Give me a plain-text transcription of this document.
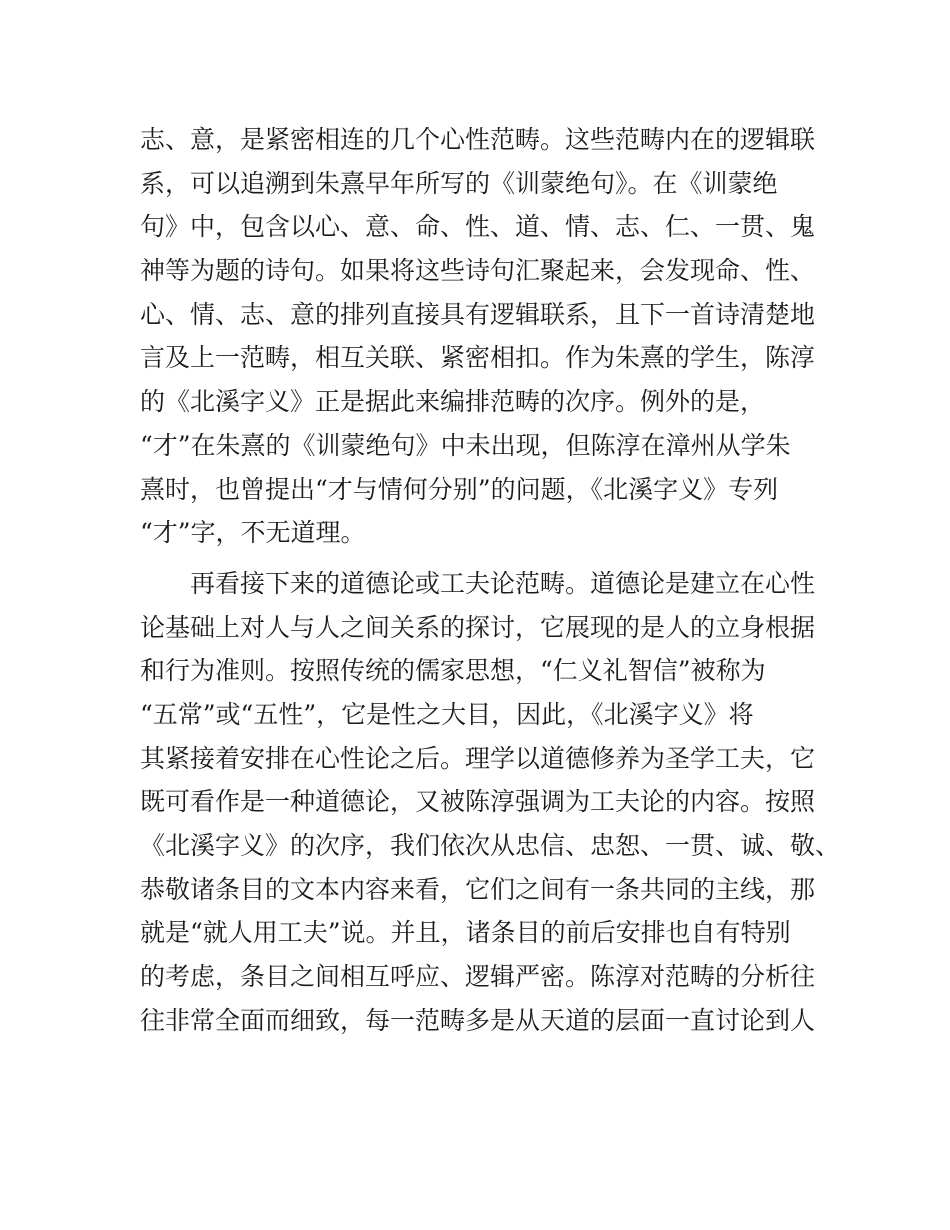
志、意，是紧密相连的几个心性范畴。这些范畴内在的逻辑联
系，可以追溯到朱熹早年所写的《训蒙绝句》。在《训蒙绝
句》中，包含以心、意、命、性、道、情、志、仁、一贯、鬼
神等为题的诗句。如果将这些诗句汇聚起来，会发现命、性、
心、情、志、意的排列直接具有逻辑联系，且下一首诗清楚地
言及上一范畴，相互关联、紧密相扣。作为朱熹的学生，陈淳
的《北溪字义》正是据此来编排范畴的次序。例外的是，
“才”在朱熹的《训蒙绝句》中未出现，但陈淳在漳州从学朱
熹时，也曾提出“才与情何分别”的问题，《北溪字义》专列
“才”字，不无道理。
　　再看接下来的道德论或工夫论范畴。道德论是建立在心性
论基础上对人与人之间关系的探讨，它展现的是人的立身根据
和行为准则。按照传统的儒家思想，“仁义礼智信”被称为
“五常”或“五性”，它是性之大目，因此，《北溪字义》将
其紧接着安排在心性论之后。理学以道德修养为圣学工夫，它
既可看作是一种道德论，又被陈淳强调为工夫论的内容。按照
《北溪字义》的次序，我们依次从忠信、忠恕、一贯、诚、敬、
恭敬诸条目的文本内容来看，它们之间有一条共同的主线，那
就是“就人用工夫”说。并且，诸条目的前后安排也自有特别
的考虑，条目之间相互呼应、逻辑严密。陈淳对范畴的分析往
往非常全面而细致，每一范畴多是从天道的层面一直讨论到人
